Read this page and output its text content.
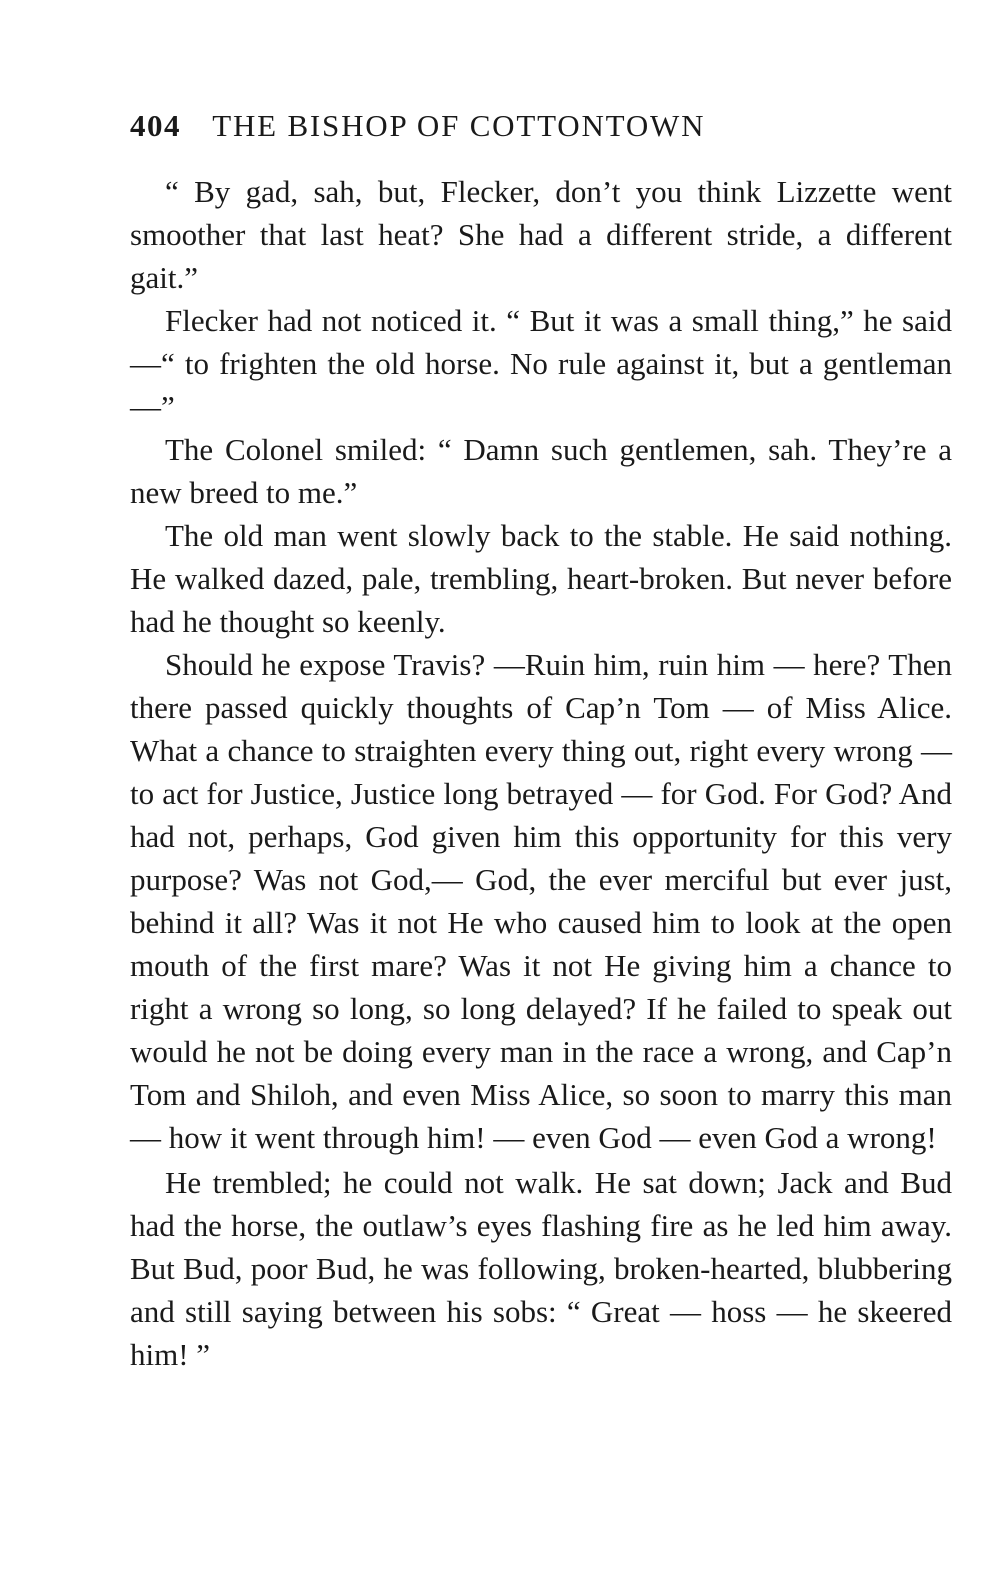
404 THE BISHOP OF COTTONTOWN

“ By gad, sah, but, Flecker, don’t you think Lizzette went smoother that last heat? She had a different stride, a different gait.”

Flecker had not noticed it. “ But it was a small thing,” he said —“ to frighten the old horse. No rule against it, but a gentleman —”

The Colonel smiled: “ Damn such gentlemen, sah. They’re a new breed to me.”

The old man went slowly back to the stable. He said nothing. He walked dazed, pale, trembling, heart-broken. But never before had he thought so keenly.

Should he expose Travis? —Ruin him, ruin him — here? Then there passed quickly thoughts of Cap’n Tom — of Miss Alice. What a chance to straighten every thing out, right every wrong — to act for Justice, Justice long betrayed — for God. For God? And had not, perhaps, God given him this opportunity for this very purpose? Was not God,— God, the ever merciful but ever just, behind it all? Was it not He who caused him to look at the open mouth of the first mare? Was it not He giving him a chance to right a wrong so long, so long delayed? If he failed to speak out would he not be doing every man in the race a wrong, and Cap’n Tom and Shiloh, and even Miss Alice, so soon to marry this man — how it went through him! — even God — even God a wrong!

He trembled; he could not walk. He sat down; Jack and Bud had the horse, the outlaw’s eyes flashing fire as he led him away. But Bud, poor Bud, he was following, broken-hearted, blubbering and still saying between his sobs: “ Great — hoss — he skeered him! ”
